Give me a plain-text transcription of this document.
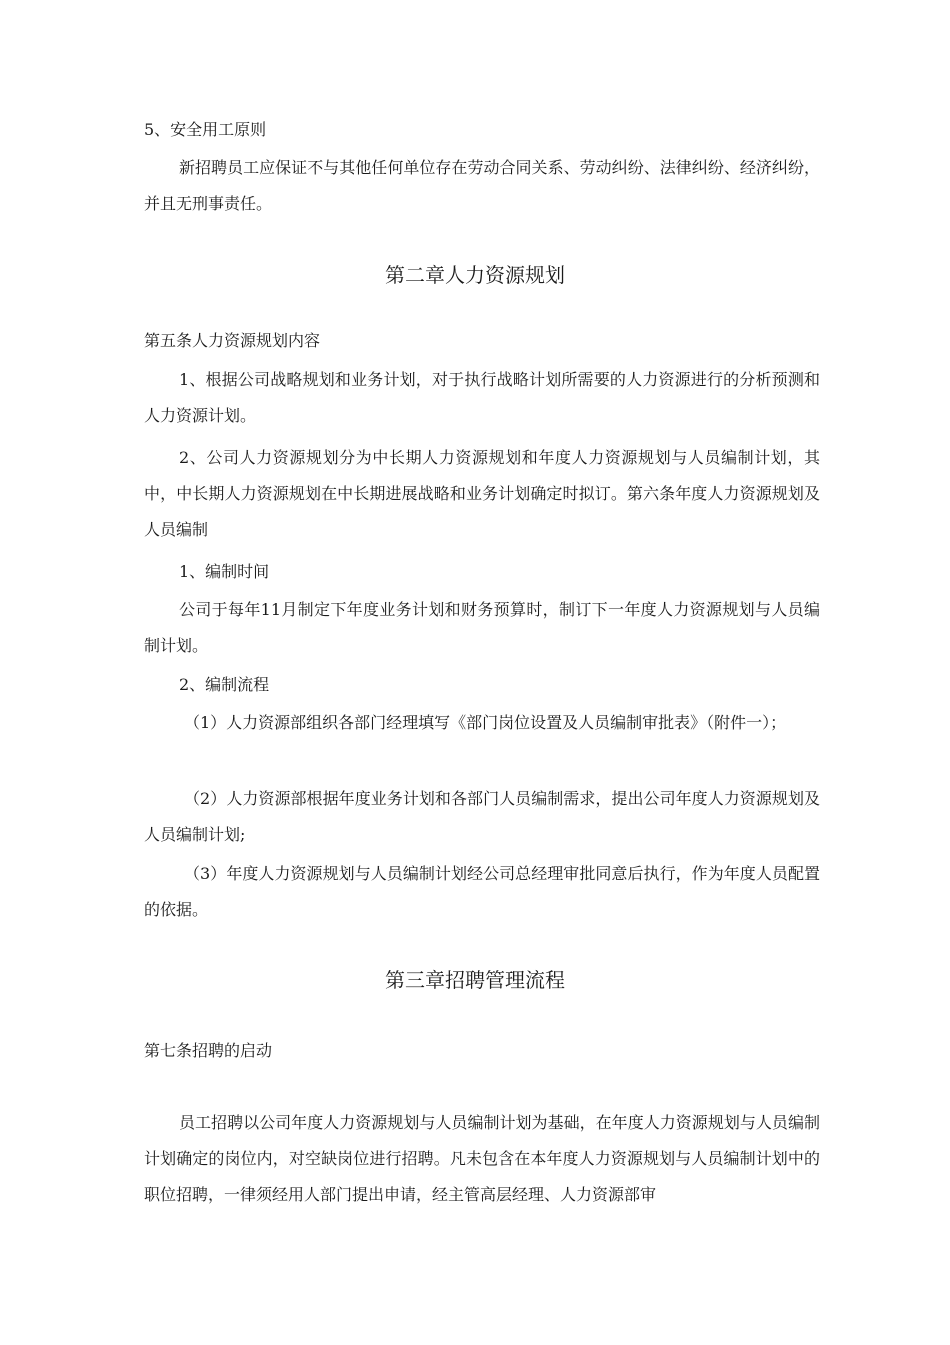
5、安全用工原则

新招聘员工应保证不与其他任何单位存在劳动合同关系、劳动纠纷、法律纠纷、经济纠纷，并且无刑事责任。

第二章人力资源规划

第五条人力资源规划内容

1、根据公司战略规划和业务计划，对于执行战略计划所需要的人力资源进行的分析预测和人力资源计划。

2、公司人力资源规划分为中长期人力资源规划和年度人力资源规划与人员编制计划，其中，中长期人力资源规划在中长期进展战略和业务计划确定时拟订。第六条年度人力资源规划及人员编制

1、编制时间

公司于每年11月制定下年度业务计划和财务预算时，制订下一年度人力资源规划与人员编制计划。

2、编制流程

（1）人力资源部组织各部门经理填写《部门岗位设置及人员编制审批表》（附件一）；

（2）人力资源部根据年度业务计划和各部门人员编制需求，提出公司年度人力资源规划及人员编制计划;

（3）年度人力资源规划与人员编制计划经公司总经理审批同意后执行，作为年度人员配置的依据。

第三章招聘管理流程

第七条招聘的启动

员工招聘以公司年度人力资源规划与人员编制计划为基础，在年度人力资源规划与人员编制计划确定的岗位内，对空缺岗位进行招聘。凡未包含在本年度人力资源规划与人员编制计划中的职位招聘，一律须经用人部门提出申请，经主管高层经理、人力资源部审
